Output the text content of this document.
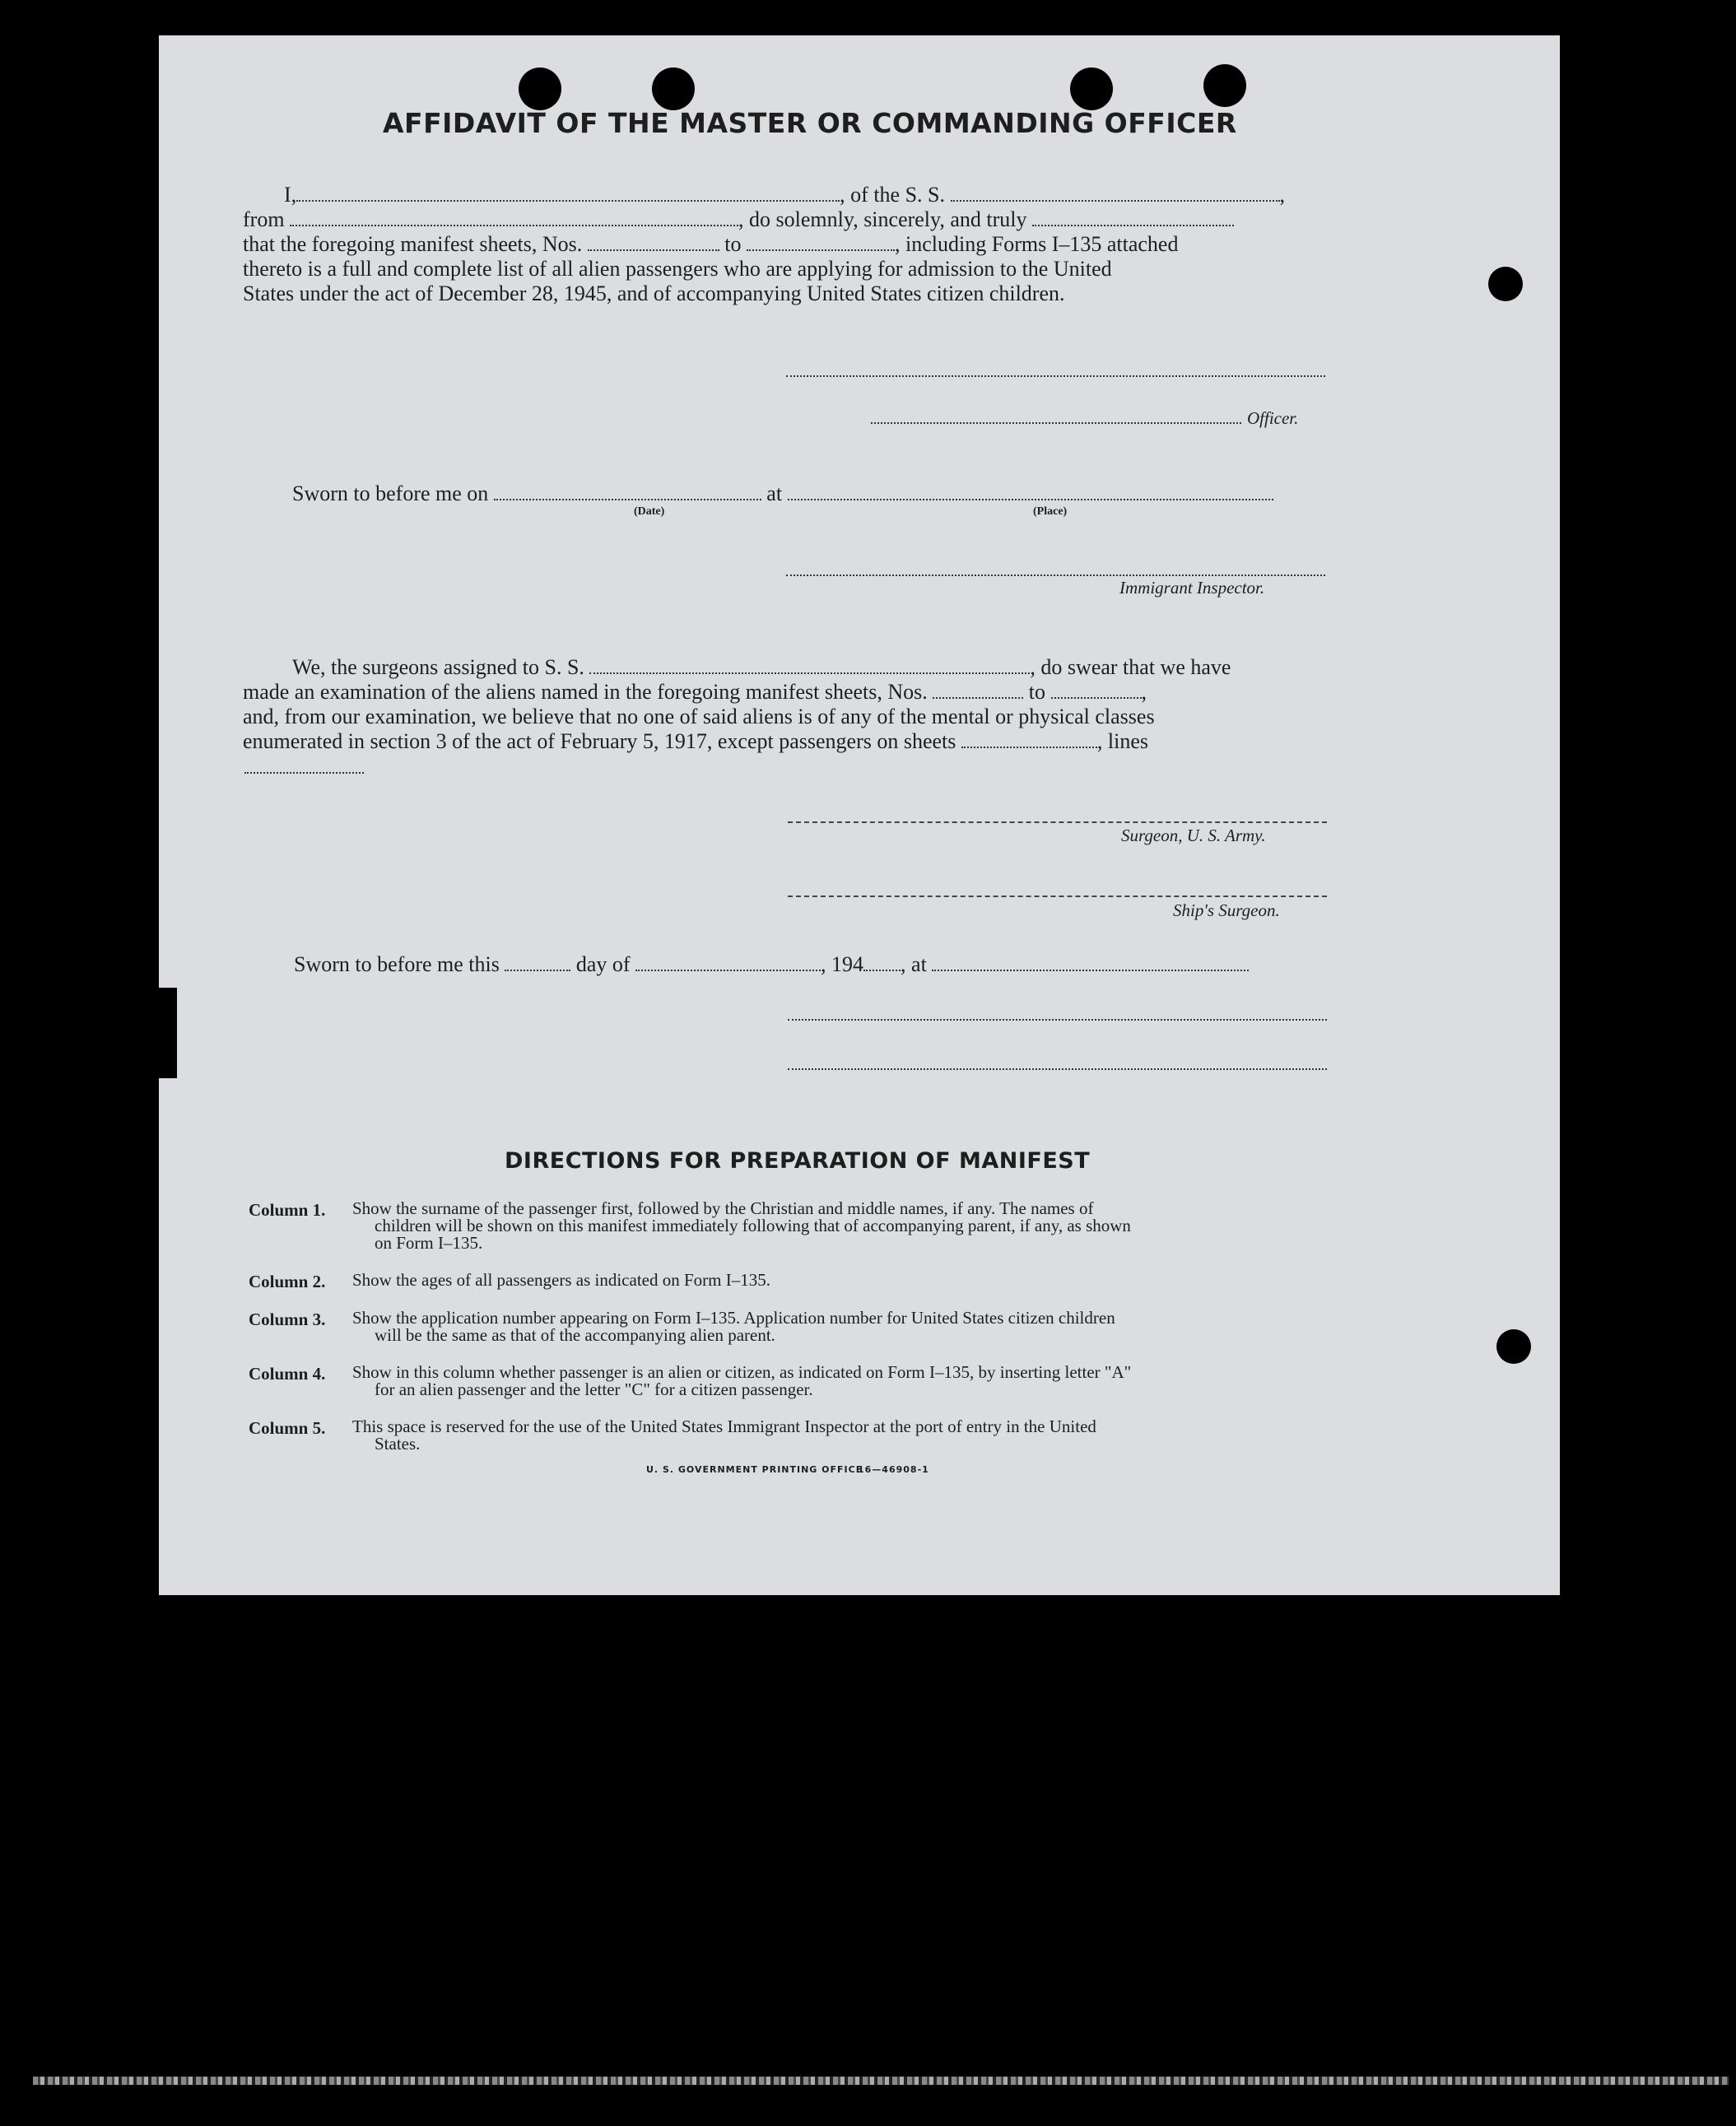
AFFIDAVIT OF THE MASTER OR COMMANDING OFFICER
I,	, of the S. S.	,
from	, do solemnly, sincerely, and truly
that the foregoing manifest sheets, Nos.	to	, including Forms I–135 attached
thereto is a full and complete list of all alien passengers who are applying for admission to the United
States under the act of December 28, 1945, and of accompanying United States citizen children.
Officer.
Sworn to before me on	at
(Date)	(Place)
Immigrant Inspector.
We, the surgeons assigned to S. S.	, do swear that we have
made an examination of the aliens named in the foregoing manifest sheets, Nos.	to	,
and, from our examination, we believe that no one of said aliens is of any of the mental or physical classes
enumerated in section 3 of the act of February 5, 1917, except passengers on sheets	, lines
Surgeon, U. S. Army.
Ship's Surgeon.
Sworn to before me this	day of	, 194 , at
DIRECTIONS FOR PREPARATION OF MANIFEST
Column 1. Show the surname of the passenger first, followed by the Christian and middle names, if any. The names of
children will be shown on this manifest immediately following that of accompanying parent, if any, as shown
on Form I–135.
Column 2. Show the ages of all passengers as indicated on Form I–135.
Column 3. Show the application number appearing on Form I–135. Application number for United States citizen children
will be the same as that of the accompanying alien parent.
Column 4. Show in this column whether passenger is an alien or citizen, as indicated on Form I–135, by inserting letter "A"
for an alien passenger and the letter "C" for a citizen passenger.
Column 5. This space is reserved for the use of the United States Immigrant Inspector at the port of entry in the United
States.
U. S. GOVERNMENT PRINTING OFFICE
16—46908-1
